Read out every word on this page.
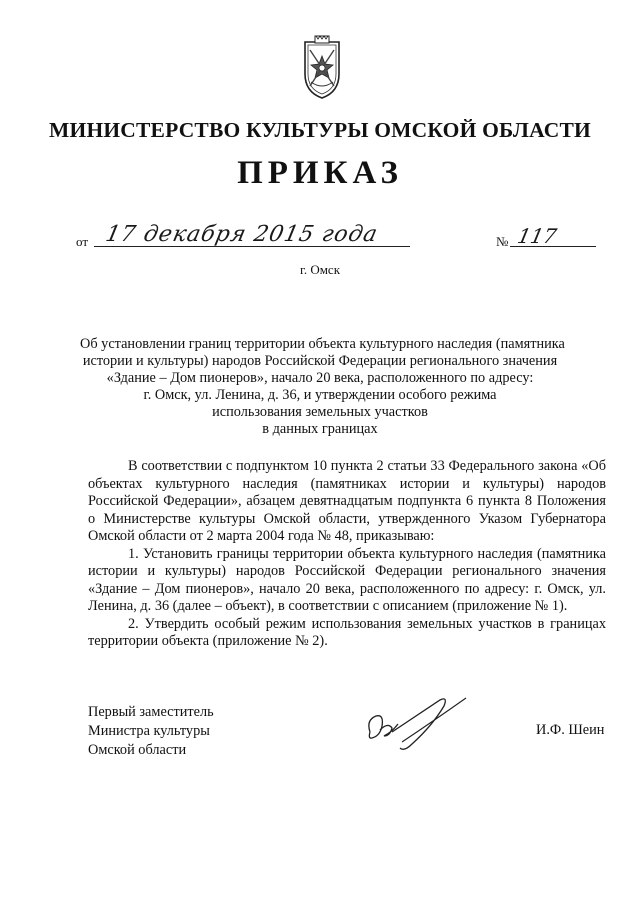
МИНИСТЕРСТВО КУЛЬТУРЫ ОМСКОЙ ОБЛАСТИ
ПРИКАЗ
от 17 декабря 2015 года	№ 117
г. Омск
Об установлении границ территории объекта культурного наследия (памятника
истории и культуры) народов Российской Федерации регионального значения
«Здание – Дом пионеров», начало 20 века, расположенного по адресу:
г. Омск, ул. Ленина, д. 36, и утверждении особого режима
использования земельных участков
в данных границах

В соответствии с подпунктом 10 пункта 2 статьи 33 Федерального закона «Об объектах культурного наследия (памятниках истории и культуры) народов Российской Федерации», абзацем девятнадцатым подпункта 6 пункта 8 Положения о Министерстве культуры Омской области, утвержденного Указом Губернатора Омской области от 2 марта 2004 года № 48, приказываю:

1. Установить границы территории объекта культурного наследия (памятника истории и культуры) народов Российской Федерации регионального значения «Здание – Дом пионеров», начало 20 века, расположенного по адресу: г. Омск, ул. Ленина, д. 36 (далее – объект), в соответствии с описанием (приложение № 1).

2. Утвердить особый режим использования земельных участков в границах территории объекта (приложение № 2).

Первый заместитель
Министра культуры
Омской области
И.Ф. Шеин
